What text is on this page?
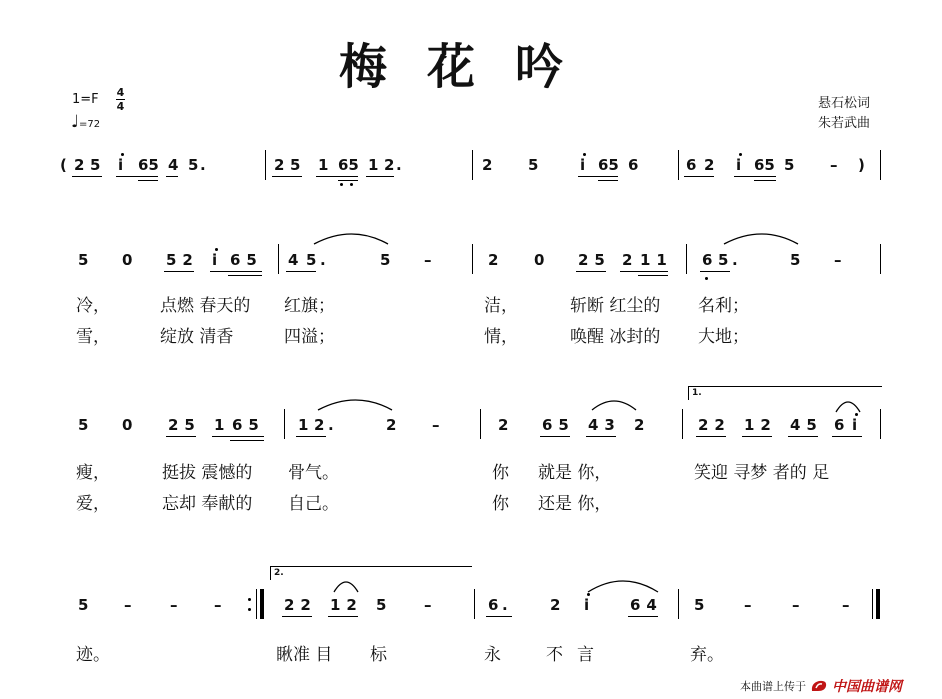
梅花吟
1=F 4
4
♩=72
悬石松词
朱若武曲
( 2 5 i 65 4 5 .	2 5 1 65 1 2 .	2 5	i 65 6	6 2 i 65 5 – )
5 0 52 i 65 4 5 .	5 –	2 0 25 2 11 6 5 .	5 –
冷，	点燃 春天的 红旗；	洁，	斩断 红尘的 名利；
雪，	绽放 清香	四溢；	情，	唤醒 冰封的 大地；
5 0 25 1 65 1 2 .	2 –	2 65 43 2
1.
22 12 45 6 i
瘦，	挺拔 震憾的 骨气。	你 就是 你，	笑迎 寻梦 者的 足
爱，	忘却 奉献的 自己。	你 还是 你，
5 –	– –
2.
22 12 5	–	6 .	2 i	64 5	–	–	–
迹。	瞅准 目 标	永	不言	弃。
本曲谱上传于 中国曲谱网
